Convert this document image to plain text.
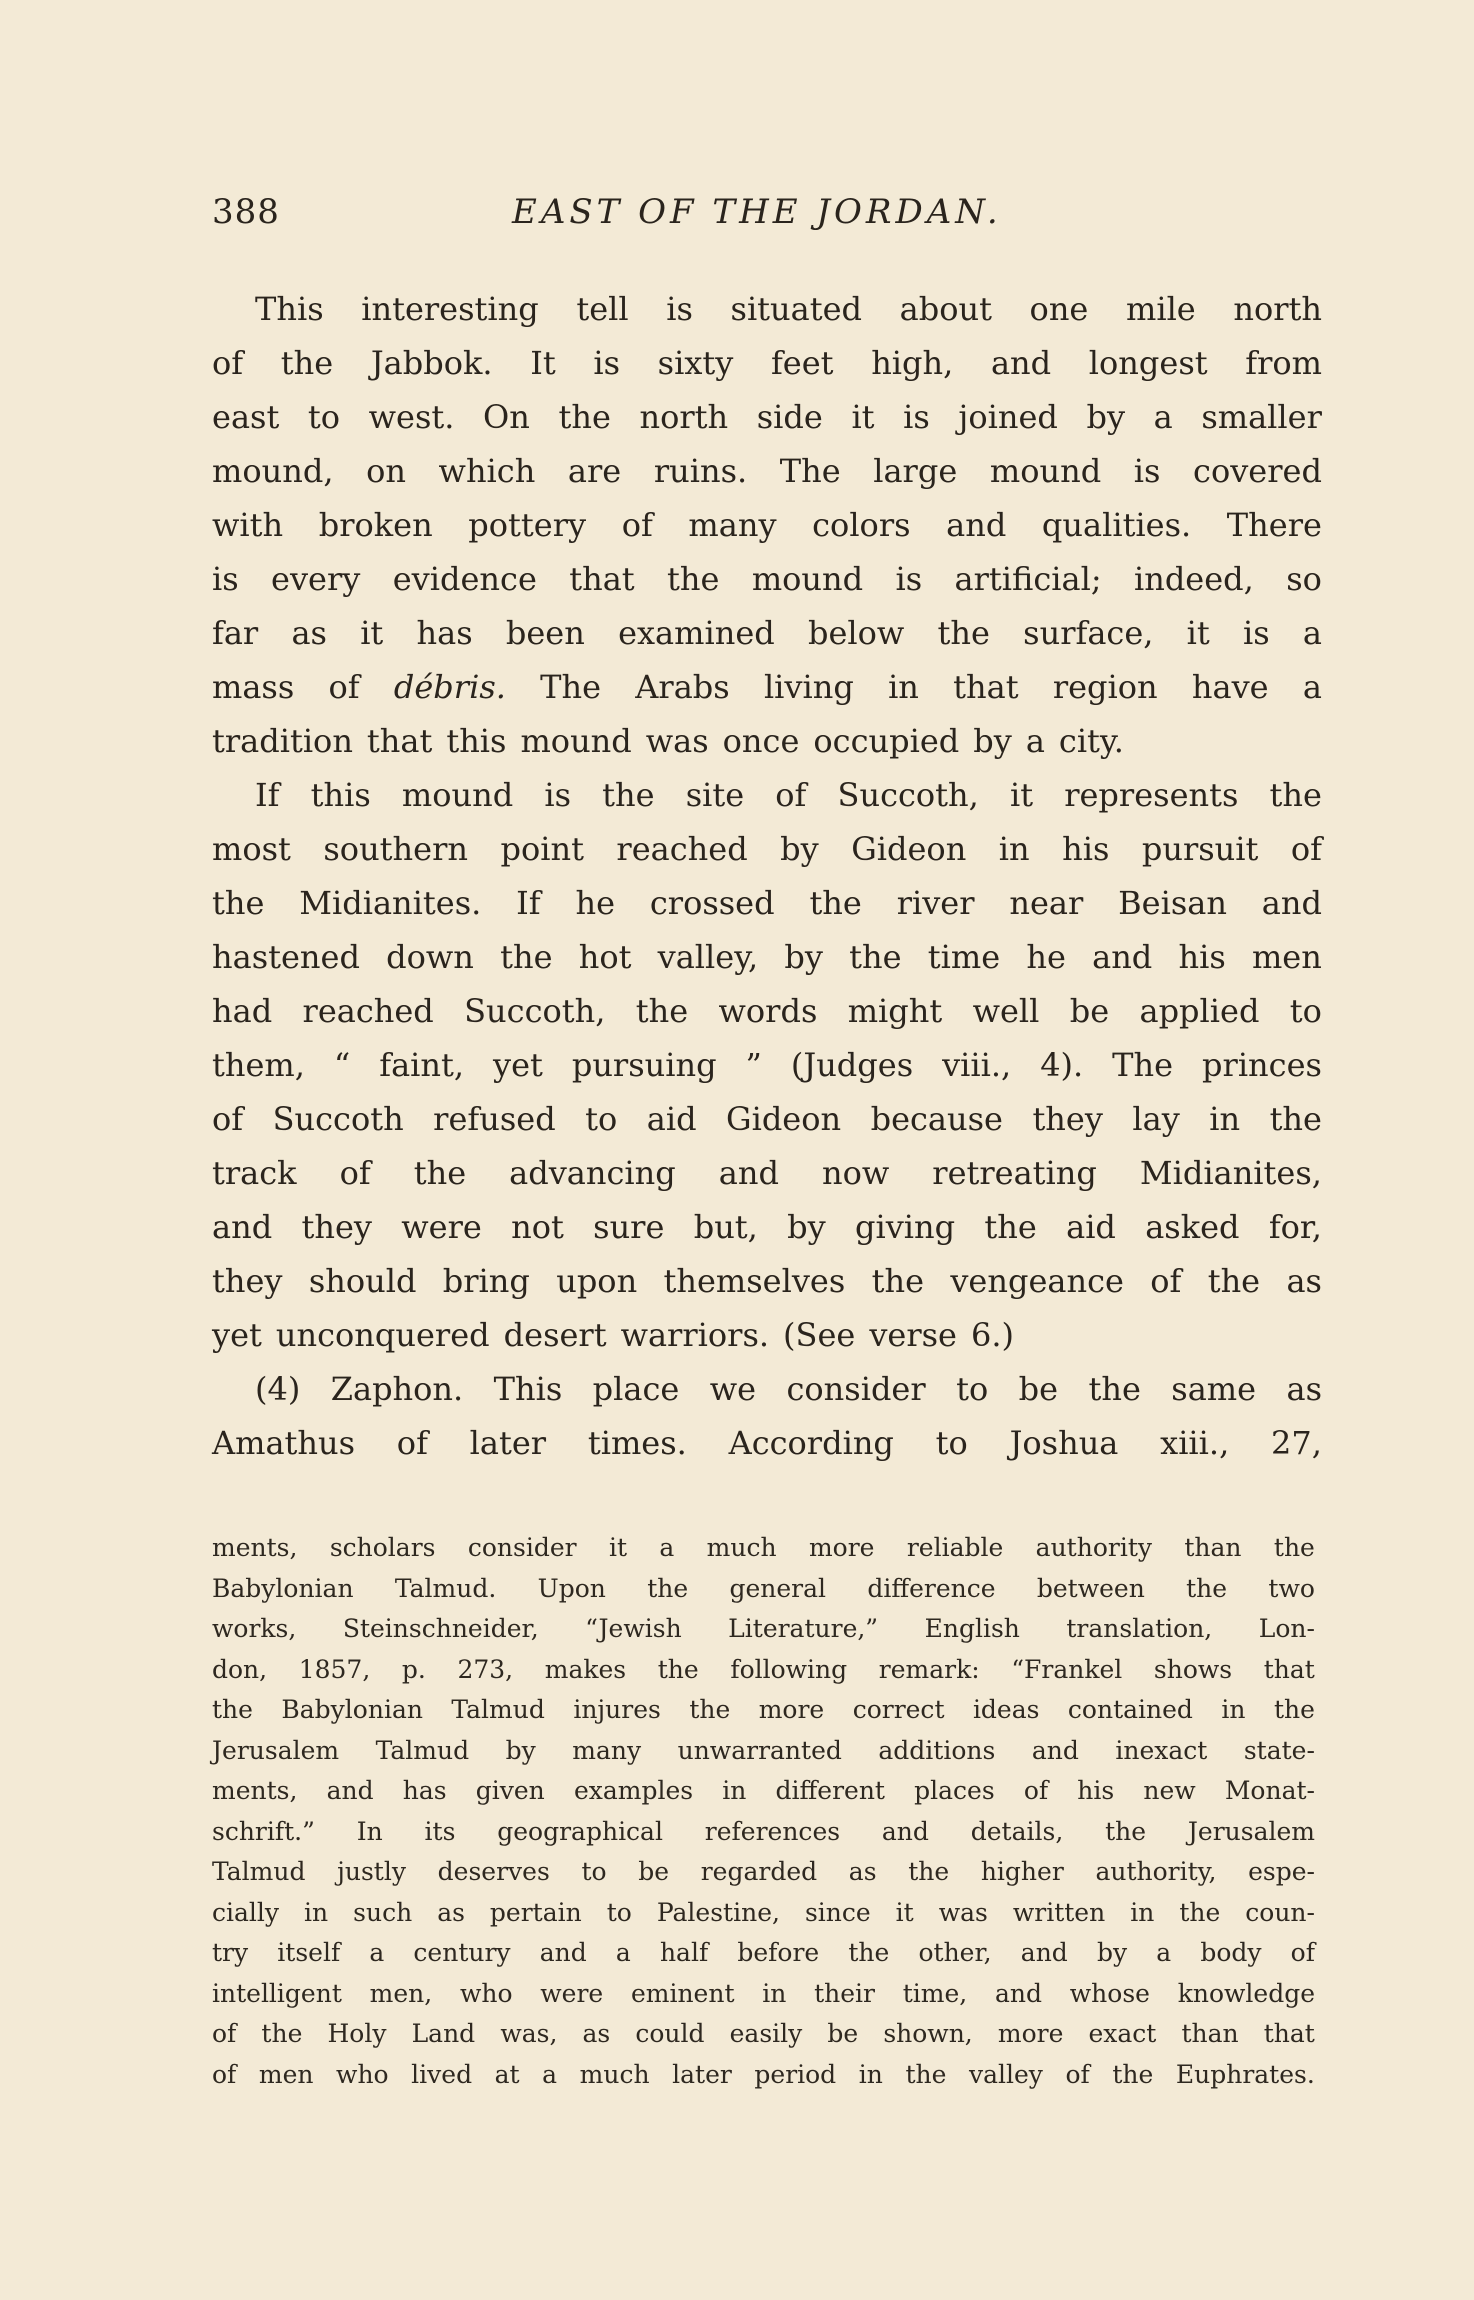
388	EAST OF THE JORDAN.
This interesting tell is situated about one mile north
of the Jabbok. It is sixty feet high, and longest from
east to west. On the north side it is joined by a smaller
mound, on which are ruins. The large mound is covered
with broken pottery of many colors and qualities. There
is every evidence that the mound is artificial; indeed, so
far as it has been examined below the surface, it is a
mass of débris. The Arabs living in that region have a
tradition that this mound was once occupied by a city.
If this mound is the site of Succoth, it represents the
most southern point reached by Gideon in his pursuit of
the Midianites. If he crossed the river near Beisan and
hastened down the hot valley, by the time he and his men
had reached Succoth, the words might well be applied to
them, “ faint, yet pursuing ” (Judges viii., 4). The princes
of Succoth refused to aid Gideon because they lay in the
track of the advancing and now retreating Midianites,
and they were not sure but, by giving the aid asked for,
they should bring upon themselves the vengeance of the as
yet unconquered desert warriors. (See verse 6.)
(4) Zaphon. This place we consider to be the same as
Amathus of later times. According to Joshua xiii., 27,
ments, scholars consider it a much more reliable authority than the
Babylonian Talmud. Upon the general difference between the two
works, Steinschneider, “Jewish Literature,” English translation, Lon-
don, 1857, p. 273, makes the following remark: “Frankel shows that
the Babylonian Talmud injures the more correct ideas contained in the
Jerusalem Talmud by many unwarranted additions and inexact state-
ments, and has given examples in different places of his new Monat-
schrift.” In its geographical references and details, the Jerusalem
Talmud justly deserves to be regarded as the higher authority, espe-
cially in such as pertain to Palestine, since it was written in the coun-
try itself a century and a half before the other, and by a body of
intelligent men, who were eminent in their time, and whose knowledge
of the Holy Land was, as could easily be shown, more exact than that
of men who lived at a much later period in the valley of the Euphrates.
